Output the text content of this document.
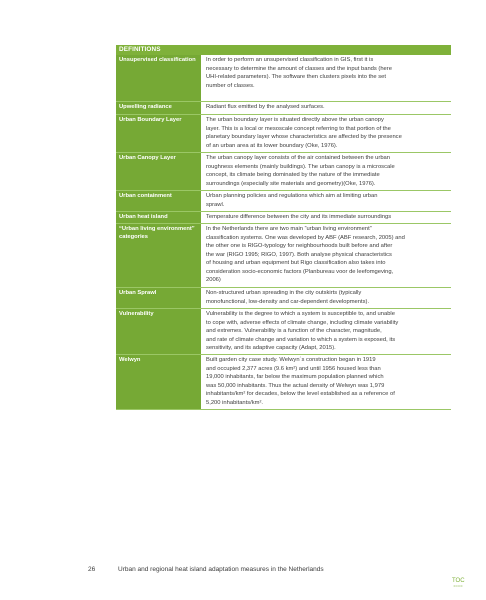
DEFINITIONS
Unsupervised classification	In order to perform an unsupervised classification in GIS, first it is
necessary to determine the amount of classes and the input bands (here
UHI-related parameters). The software then clusters pixels into the set
number of classes.
Upwelling radiance	Radiant flux emitted by the analysed surfaces.
Urban Boundary Layer	The urban boundary layer is situated directly above the urban canopy
layer. This is a local or mesoscale concept referring to that portion of the
planetary boundary layer whose characteristics are affected by the presence
of an urban area at its lower boundary (Oke, 1976).
Urban Canopy Layer	The urban canopy layer consists of the air contained between the urban
roughness elements (mainly buildings). The urban canopy is a microscale
concept, its climate being dominated by the nature of the immediate
surroundings (especially site materials and geometry)(Oke, 1976).
Urban containment	Urban planning policies and regulations which aim at limiting urban
sprawl.
Urban heat island	Temperature difference between the city and its immediate surroundings
“Urban living environment” categories
In the Netherlands there are two main “urban living environment”
classification systems. One was developed by ABF (ABF research, 2005) and
the other one is RIGO-typology for neighbourhoods built before and after
the war (RIGO 1995; RIGO, 1997). Both analyse physical characteristics
of housing and urban equipment but Rigo classification also takes into
consideration socio-economic factors (Planbureau voor de leefomgeving,
2006)
Urban Sprawl	Non-structured urban spreading in the city outskirts (typically
monofunctional, low-density and car-dependent developments).
Vulnerability	Vulnerability is the degree to which a system is susceptible to, and unable
to cope with, adverse effects of climate change, including climate variability
and extremes. Vulnerability is a function of the character, magnitude,
and rate of climate change and variation to which a system is exposed, its
sensitivity, and its adaptive capacity (Adapt, 2015).
Welwyn	Built garden city case study. Welwyn´s construction began in 1919
and occupied 2,377 acres (9.6 km²) and until 1956 housed less than
19,000 inhabitants, far below the maximum population planned which
was 50,000 inhabitants. Thus the actual density of Welwyn was 1,979
inhabitants/km² for decades, below the level established as a reference of
5,200 inhabitants/km².
26	Urban and regional heat island adaptation measures in the Netherlands
TOC
•••••
